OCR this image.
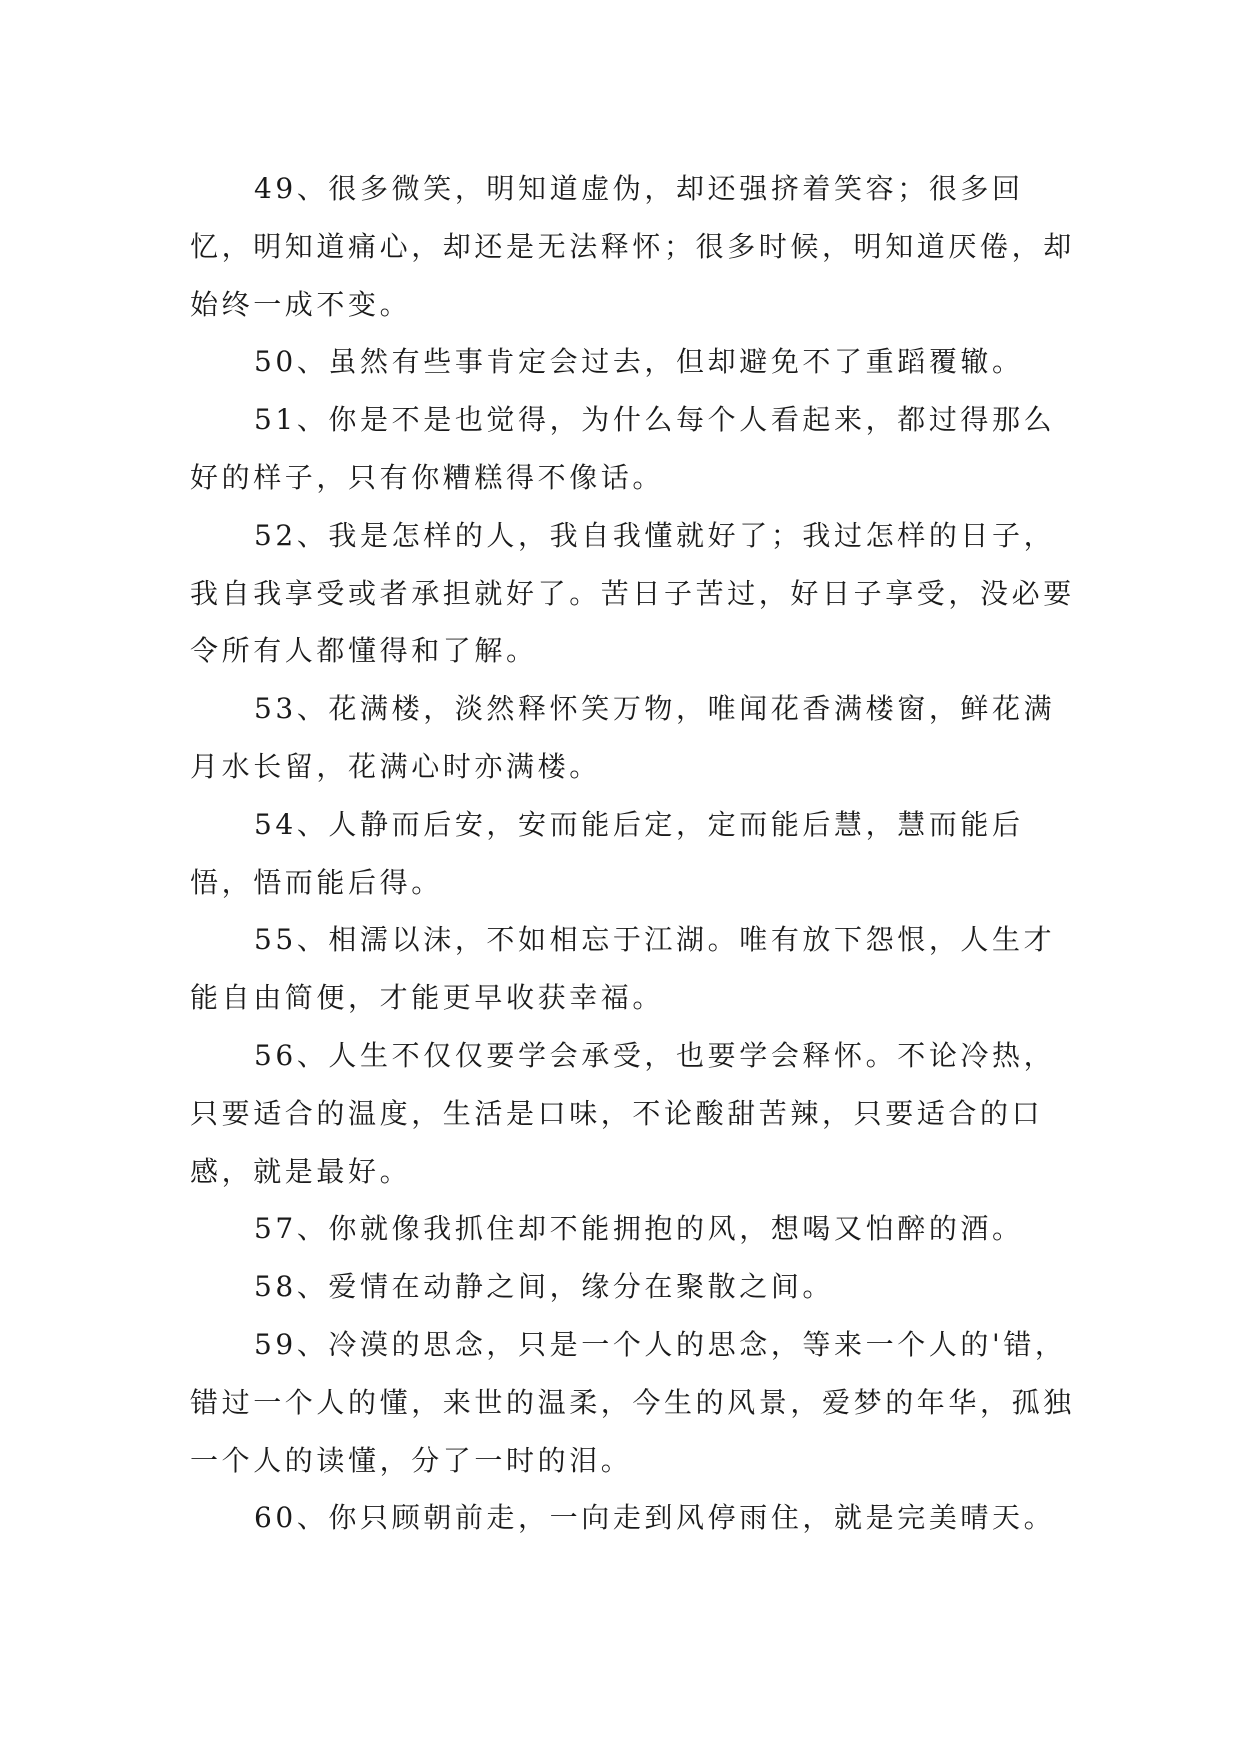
49、很多微笑，明知道虚伪，却还强挤着笑容；很多回忆，明知道痛心，却还是无法释怀；很多时候，明知道厌倦，却始终一成不变。

50、虽然有些事肯定会过去，但却避免不了重蹈覆辙。

51、你是不是也觉得，为什么每个人看起来，都过得那么好的样子，只有你糟糕得不像话。

52、我是怎样的人，我自我懂就好了；我过怎样的日子，我自我享受或者承担就好了。苦日子苦过，好日子享受，没必要令所有人都懂得和了解。

53、花满楼，淡然释怀笑万物，唯闻花香满楼窗，鲜花满月水长留，花满心时亦满楼。

54、人静而后安，安而能后定，定而能后慧，慧而能后悟，悟而能后得。

55、相濡以沫，不如相忘于江湖。唯有放下怨恨，人生才能自由简便，才能更早收获幸福。

56、人生不仅仅要学会承受，也要学会释怀。不论冷热，只要适合的温度，生活是口味，不论酸甜苦辣，只要适合的口感，就是最好。

57、你就像我抓住却不能拥抱的风，想喝又怕醉的酒。

58、爱情在动静之间，缘分在聚散之间。

59、冷漠的思念，只是一个人的思念，等来一个人的'错，错过一个人的懂，来世的温柔，今生的风景，爱梦的年华，孤独一个人的读懂，分了一时的泪。

60、你只顾朝前走，一向走到风停雨住，就是完美晴天。
